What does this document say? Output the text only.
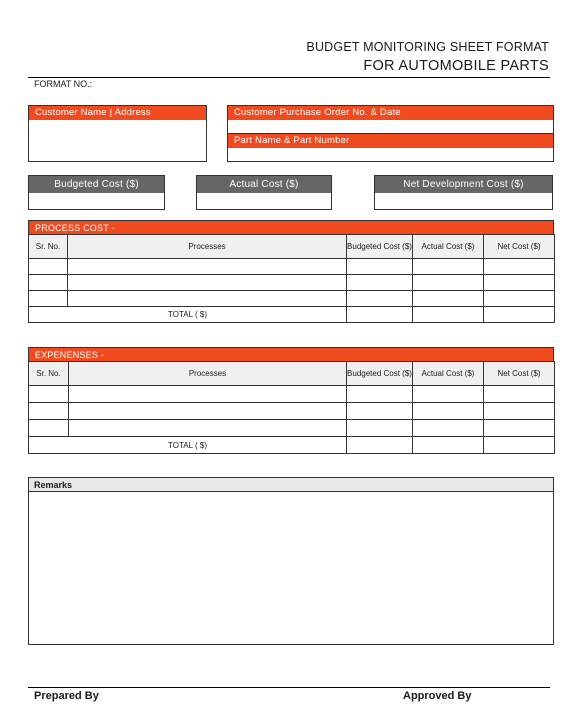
BUDGET MONITORING SHEET FORMAT
FOR AUTOMOBILE PARTS
FORMAT NO.:
Customer Name | Address	Customer Purchase Order No. & Date
Part Name & Part Number
Budgeted Cost ($)	Actual Cost ($)	Net Development Cost ($)
PROCESS COST -
Sr. No.	Processes	Budgeted Cost ($)	Actual Cost ($)	Net Cost ($)

TOTAL ( $)				
EXPENENSES -
Sr. No.	Processes	Budgeted Cost ($)	Actual Cost ($)	Net Cost ($)

TOTAL ( $)				
Remarks
Prepared By	Approved By
